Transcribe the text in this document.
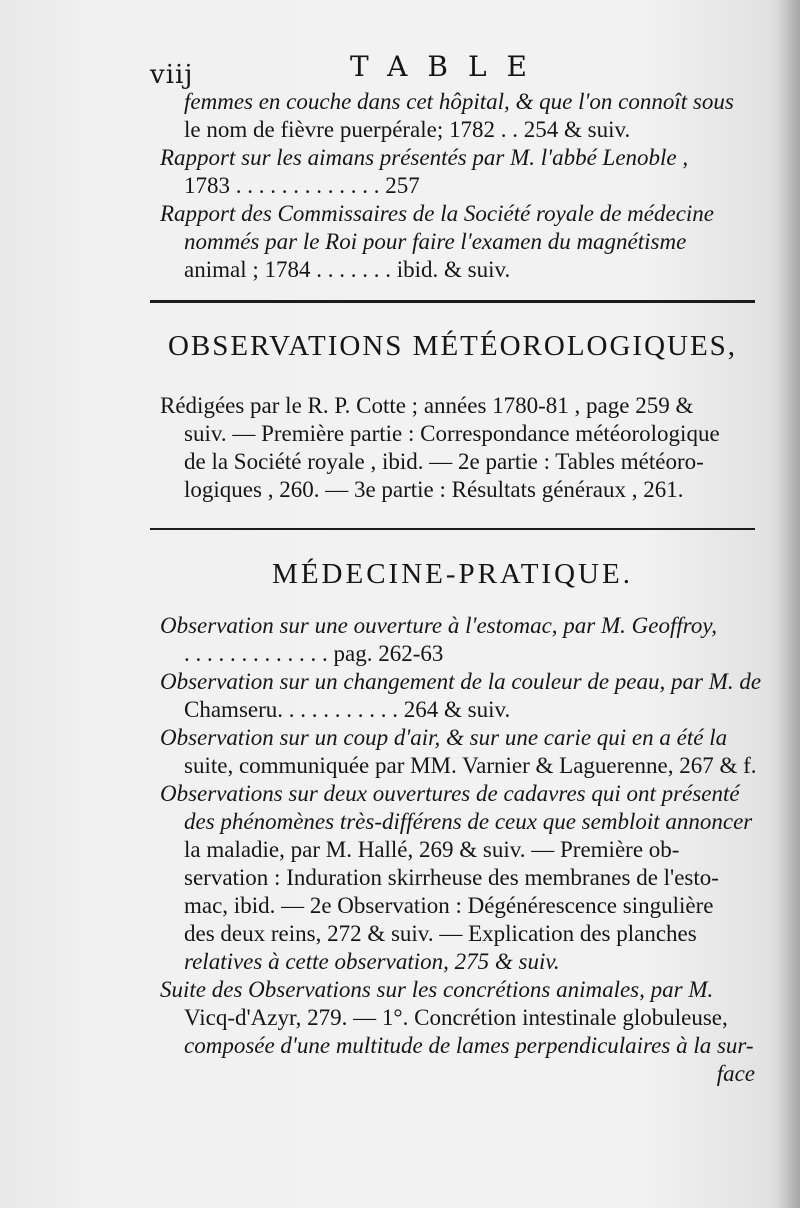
viij	TABLE
femmes en couche dans cet hôpital, & que l'on connoît sous
le nom de fièvre puerpérale; 1782 . . 254 & suiv.
Rapport sur les aimans présentés par M. l'abbé Lenoble ,
1783 . . . . . . . . . . . . . 257
Rapport des Commissaires de la Société royale de médecine
nommés par le Roi pour faire l'examen du magnétisme
animal ; 1784 . . . . . . . ibid. & suiv.
OBSERVATIONS MÉTÉOROLOGIQUES,
Rédigées par le R. P. Cotte ; années 1780-81 , page 259 &
suiv. — Première partie : Correspondance météorologique
de la Société royale , ibid. — 2e partie : Tables météoro-
logiques , 260. — 3e partie : Résultats généraux , 261.
MÉDECINE-PRATIQUE.
Observation sur une ouverture à l'estomac, par M. Geoffroy,
. . . . . . . . . . . . . pag. 262-63
Observation sur un changement de la couleur de peau, par M. de
Chamseru. . . . . . . . . . . 264 & suiv.
Observation sur un coup d'air, & sur une carie qui en a été la
suite, communiquée par MM. Varnier & Laguerenne, 267 & f.
Observations sur deux ouvertures de cadavres qui ont présenté
des phénomènes très-différens de ceux que sembloit annoncer
la maladie, par M. Hallé, 269 & suiv. — Première ob-
servation : Induration skirrheuse des membranes de l'esto-
mac, ibid. — 2e Observation : Dégénérescence singulière
des deux reins, 272 & suiv. — Explication des planches
relatives à cette observation, 275 & suiv.
Suite des Observations sur les concrétions animales, par M.
Vicq-d'Azyr, 279. — 1°. Concrétion intestinale globuleuse,
composée d'une multitude de lames perpendiculaires à la sur-
face
